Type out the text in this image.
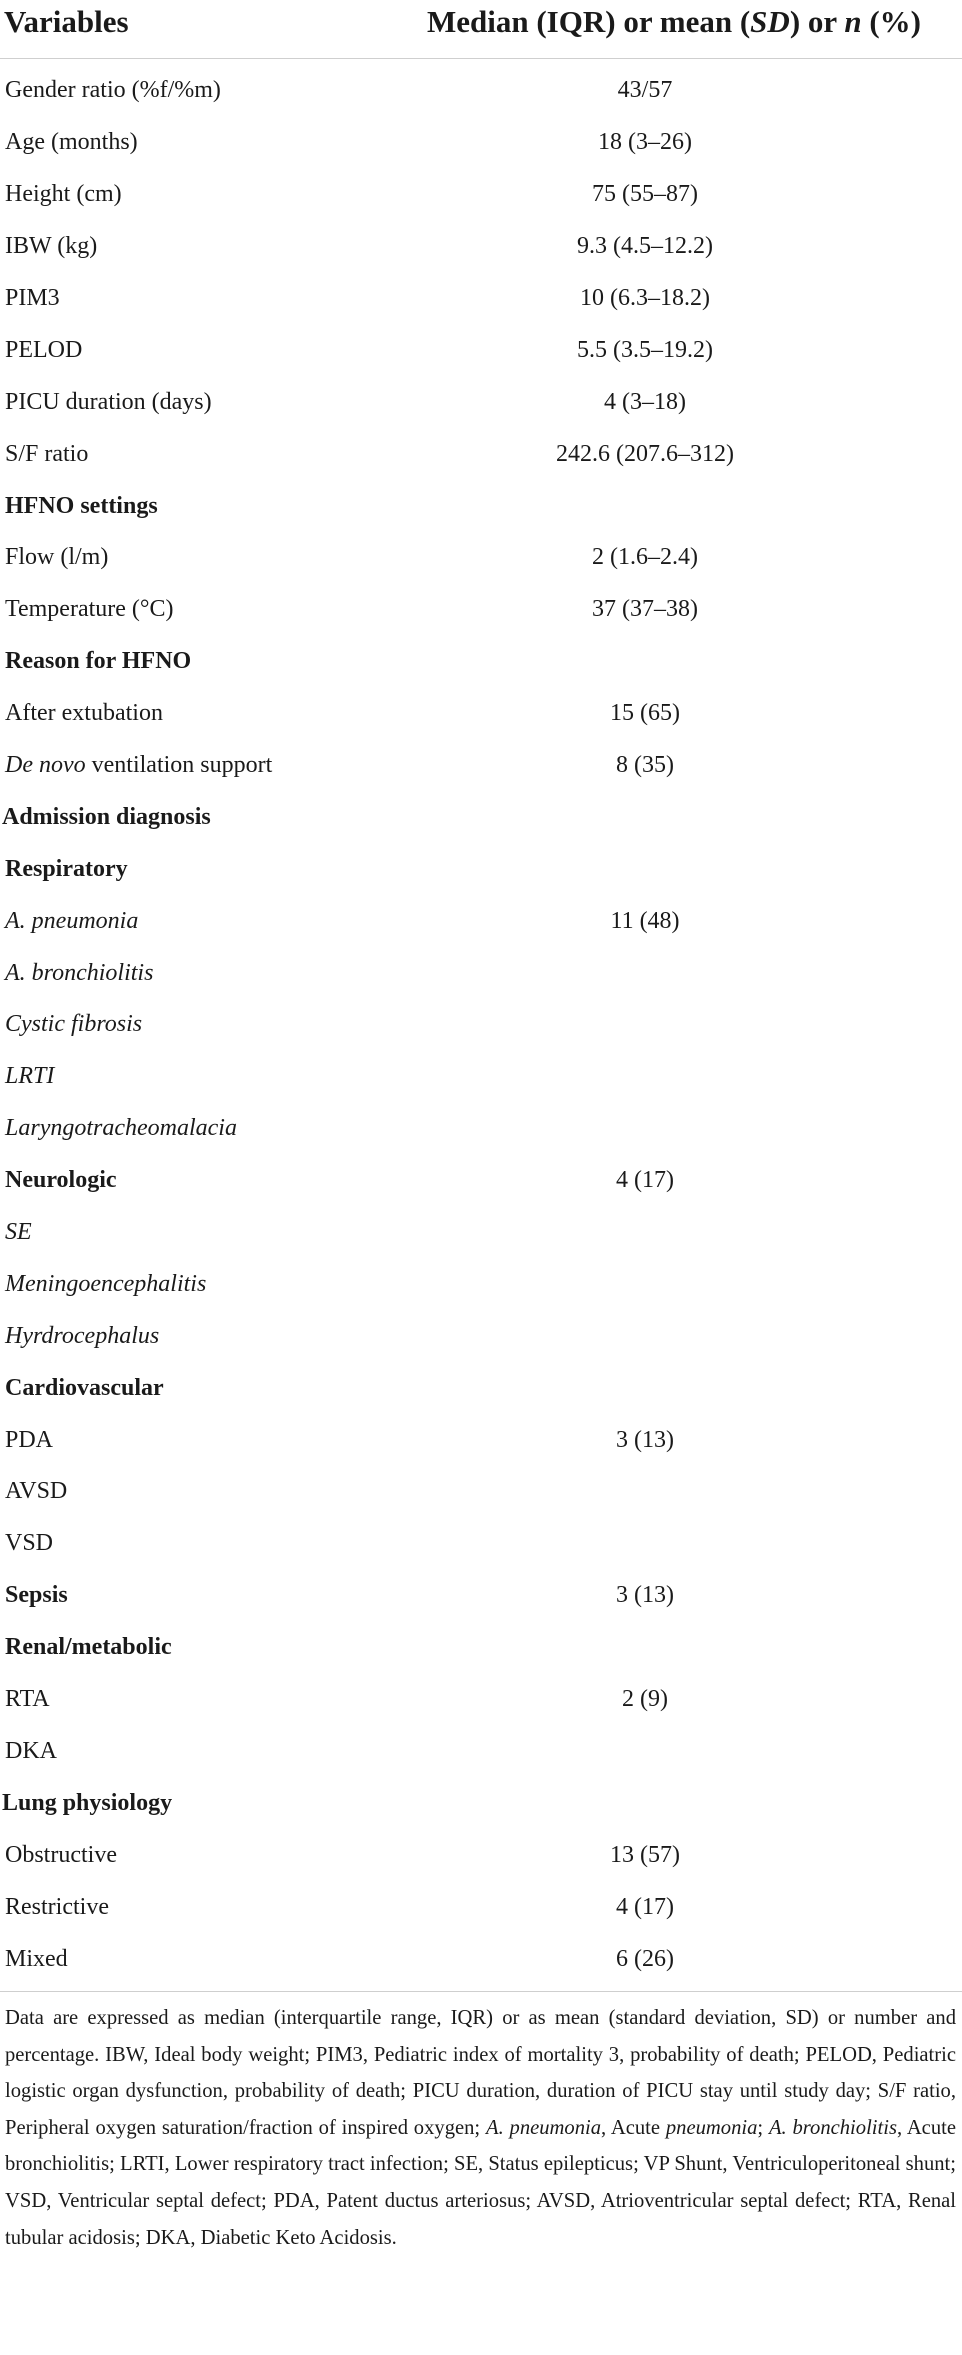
Variables	Median (IQR) or mean (SD) or n (%)
Gender ratio (%f/%m)	43/57
Age (months)	18 (3–26)
Height (cm)	75 (55–87)
IBW (kg)	9.3 (4.5–12.2)
PIM3	10 (6.3–18.2)
PELOD	5.5 (3.5–19.2)
PICU duration (days)	4 (3–18)
S/F ratio	242.6 (207.6–312)
HFNO settings
Flow (l/m)	2 (1.6–2.4)
Temperature (°C)	37 (37–38)
Reason for HFNO
After extubation	15 (65)
De novo ventilation support	8 (35)
Admission diagnosis
Respiratory
A. pneumonia	11 (48)
A. bronchiolitis
Cystic fibrosis
LRTI
Laryngotracheomalacia
Neurologic	4 (17)
SE
Meningoencephalitis
Hyrdrocephalus
Cardiovascular
PDA	3 (13)
AVSD
VSD
Sepsis	3 (13)
Renal/metabolic
RTA	2 (9)
DKA
Lung physiology
Obstructive	13 (57)
Restrictive	4 (17)
Mixed	6 (26)
Data are expressed as median (interquartile range, IQR) or as mean (standard deviation, SD) or number and percentage. IBW, Ideal body weight; PIM3, Pediatric index of mortality 3, probability of death; PELOD, Pediatric logistic organ dysfunction, probability of death; PICU duration, duration of PICU stay until study day; S/F ratio, Peripheral oxygen saturation/fraction of inspired oxygen; A. pneumonia, Acute pneumonia; A. bronchiolitis, Acute bronchiolitis; LRTI, Lower respiratory tract infection; SE, Status epilepticus; VP Shunt, Ventriculoperitoneal shunt; VSD, Ventricular septal defect; PDA, Patent ductus arteriosus; AVSD, Atrioventricular septal defect; RTA, Renal tubular acidosis; DKA, Diabetic Keto Acidosis.
